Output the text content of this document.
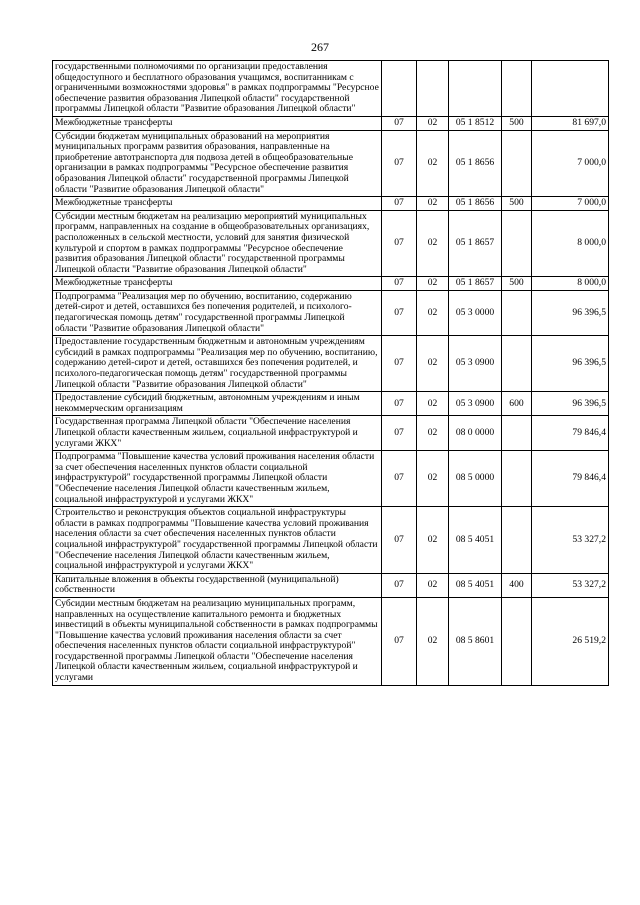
267
государственными полномочиями по организации предоставления общедоступного и бесплатного образования учащимся, воспитанникам с ограниченными возможностями здоровья" в рамках подпрограммы "Ресурсное обеспечение развития образования Липецкой области" государственной программы Липецкой области "Развитие образования Липецкой области"					
Межбюджетные трансферты	07	02	05 1 8512	500	81 697,0
Субсидии бюджетам муниципальных образований на мероприятия муниципальных программ развития образования, направленные на приобретение автотранспорта для подвоза детей в общеобразовательные организации в рамках подпрограммы "Ресурсное обеспечение развития образования Липецкой области" государственной программы Липецкой области "Развитие образования Липецкой области"	07	02	05 1 8656		7 000,0
Межбюджетные трансферты	07	02	05 1 8656	500	7 000,0
Субсидии местным бюджетам на реализацию мероприятий муниципальных программ, направленных на создание в общеобразовательных организациях, расположенных в сельской местности, условий для занятия физической культурой и спортом в рамках подпрограммы "Ресурсное обеспечение развития образования Липецкой области" государственной программы Липецкой области "Развитие образования Липецкой области"	07	02	05 1 8657		8 000,0
Межбюджетные трансферты	07	02	05 1 8657	500	8 000,0
Подпрограмма "Реализация мер по обучению, воспитанию, содержанию детей-сирот и детей, оставшихся без попечения родителей, и психолого-педагогическая помощь детям" государственной программы Липецкой области "Развитие образования Липецкой области"	07	02	05 3 0000		96 396,5
Предоставление государственным бюджетным и автономным учреждениям субсидий в рамках подпрограммы "Реализация мер по обучению, воспитанию, содержанию детей-сирот и детей, оставшихся без попечения родителей, и психолого-педагогическая помощь детям" государственной программы Липецкой области "Развитие образования Липецкой области"	07	02	05 3 0900		96 396,5
Предоставление субсидий бюджетным, автономным учреждениям и иным некоммерческим организациям	07	02	05 3 0900	600	96 396,5
Государственная программа Липецкой области "Обеспечение населения Липецкой области качественным жильем, социальной инфраструктурой и услугами ЖКХ"	07	02	08 0 0000		79 846,4
Подпрограмма "Повышение качества условий проживания населения области за счет обеспечения населенных пунктов области социальной инфраструктурой" государственной программы Липецкой области "Обеспечение населения Липецкой области качественным жильем, социальной инфраструктурой и услугами ЖКХ"	07	02	08 5 0000		79 846,4
Строительство и реконструкция объектов социальной инфраструктуры области в рамках подпрограммы "Повышение качества условий проживания населения области за счет обеспечения населенных пунктов области социальной инфраструктурой" государственной программы Липецкой области "Обеспечение населения Липецкой области качественным жильем, социальной инфраструктурой и услугами ЖКХ"	07	02	08 5 4051		53 327,2
Капитальные вложения в объекты государственной (муниципальной) собственности	07	02	08 5 4051	400	53 327,2
Субсидии местным бюджетам на реализацию муниципальных программ, направленных на осуществление капитального ремонта и бюджетных инвестиций в объекты муниципальной собственности в рамках подпрограммы "Повышение качества условий проживания населения области за счет обеспечения населенных пунктов области социальной инфраструктурой" государственной программы Липецкой области "Обеспечение населения Липецкой области качественным жильем, социальной инфраструктурой и услугами	07	02	08 5 8601		26 519,2
